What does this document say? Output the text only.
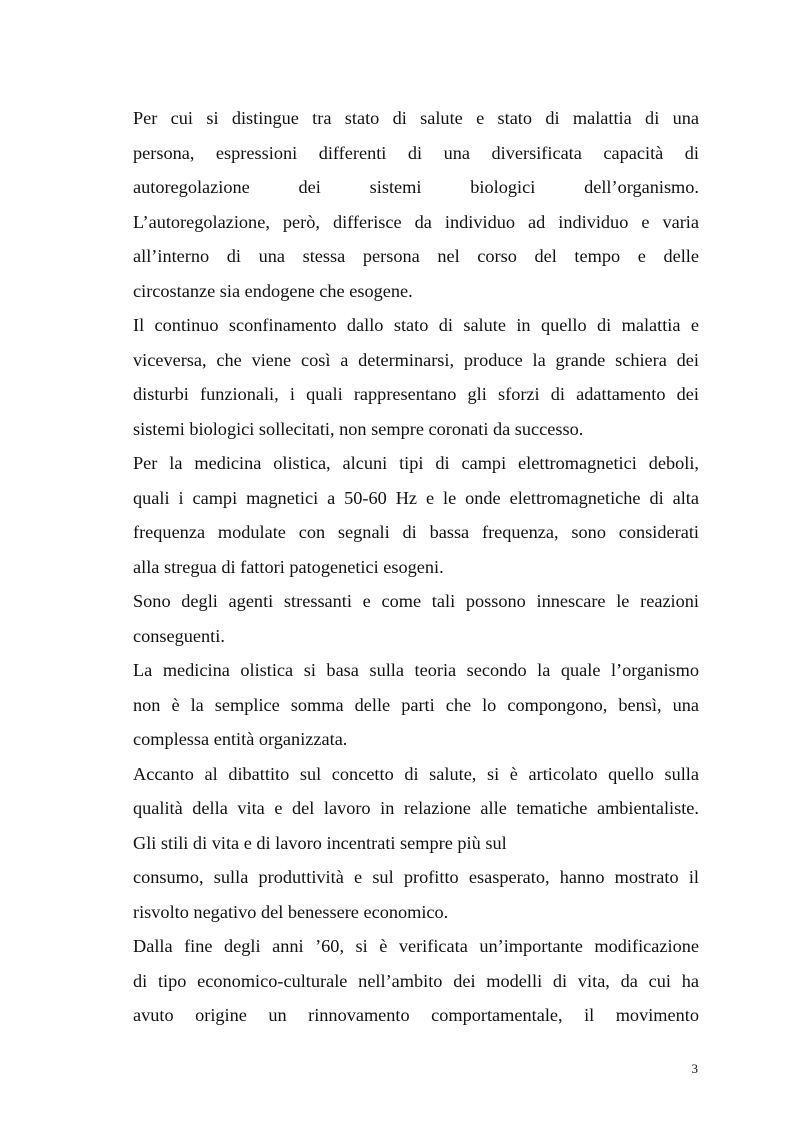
Per cui si distingue tra stato di salute e stato di malattia di una
persona, espressioni differenti di una diversificata capacità di
autoregolazione dei sistemi biologici dell’organismo.
L’autoregolazione, però, differisce da individuo ad individuo e varia
all’interno di una stessa persona nel corso del tempo e delle
circostanze sia endogene che esogene.
Il continuo sconfinamento dallo stato di salute in quello di malattia e
viceversa, che viene così a determinarsi, produce la grande schiera dei
disturbi funzionali, i quali rappresentano gli sforzi di adattamento dei
sistemi biologici sollecitati, non sempre coronati da successo.
Per la medicina olistica, alcuni tipi di campi elettromagnetici deboli,
quali i campi magnetici a 50-60 Hz e le onde elettromagnetiche di alta
frequenza modulate con segnali di bassa frequenza, sono considerati
alla stregua di fattori patogenetici esogeni.
Sono degli agenti stressanti e come tali possono innescare le reazioni
conseguenti.
La medicina olistica si basa sulla teoria secondo la quale l’organismo
non è la semplice somma delle parti che lo compongono, bensì, una
complessa entità organizzata.
Accanto al dibattito sul concetto di salute, si è articolato quello sulla
qualità della vita e del lavoro in relazione alle tematiche ambientaliste.
Gli stili di vita e di lavoro incentrati sempre più sul
consumo, sulla produttività e sul profitto esasperato, hanno mostrato il
risvolto negativo del benessere economico.
Dalla fine degli anni ’60, si è verificata un’importante modificazione
di tipo economico-culturale nell’ambito dei modelli di vita, da cui ha
avuto origine un rinnovamento comportamentale, il movimento
3
